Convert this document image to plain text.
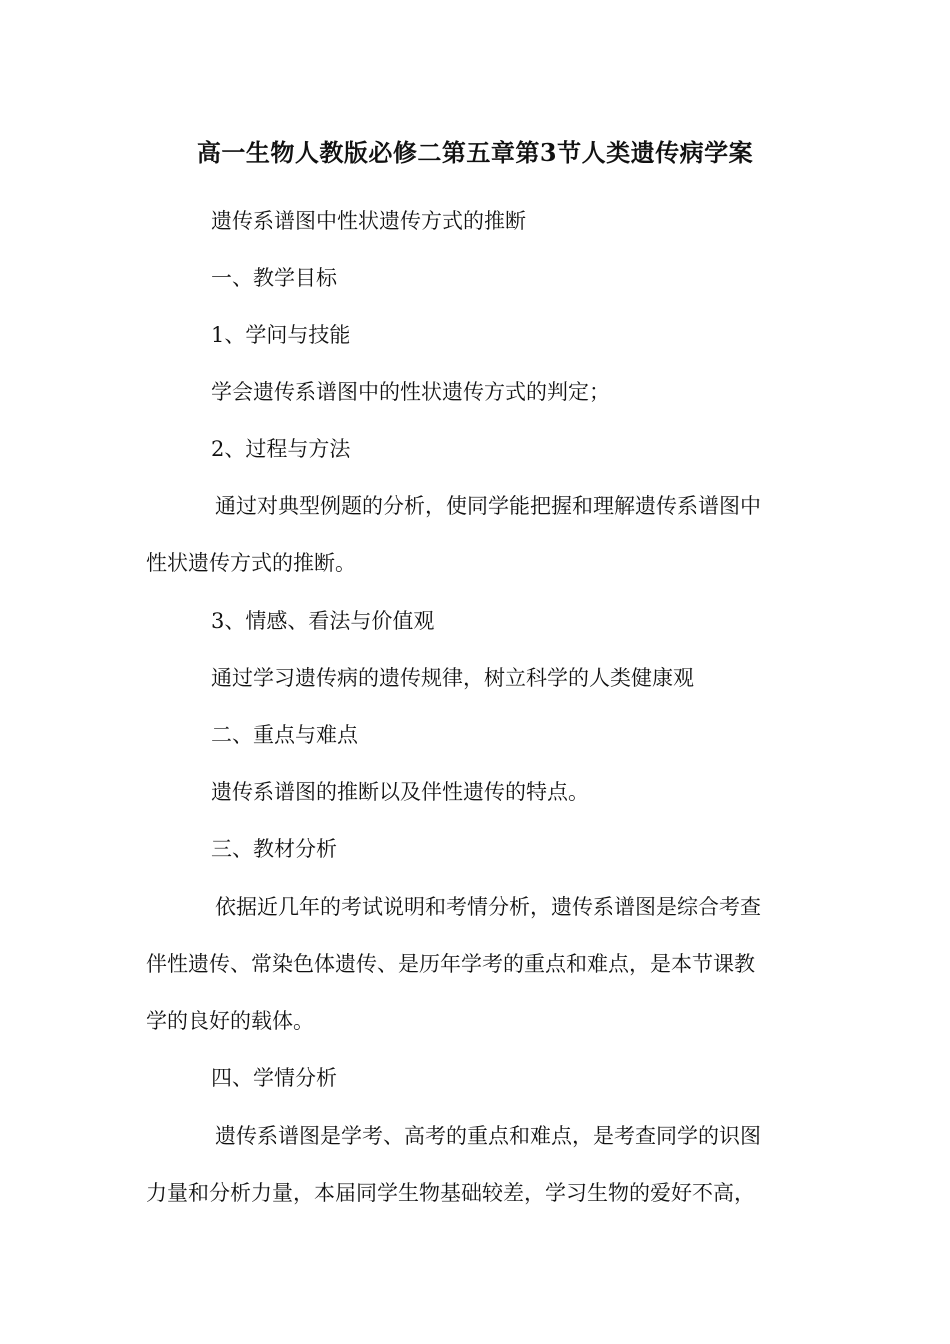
高一生物人教版必修二第五章第3节人类遗传病学案
遗传系谱图中性状遗传方式的推断
一、教学目标
1、学问与技能
学会遗传系谱图中的性状遗传方式的判定；
2、过程与方法
通过对典型例题的分析，使同学能把握和理解遗传系谱图中
性状遗传方式的推断。
3、情感、看法与价值观
通过学习遗传病的遗传规律，树立科学的人类健康观
二、重点与难点
遗传系谱图的推断以及伴性遗传的特点。
三、教材分析
依据近几年的考试说明和考情分析，遗传系谱图是综合考查
伴性遗传、常染色体遗传、是历年学考的重点和难点，是本节课教
学的良好的载体。
四、学情分析
遗传系谱图是学考、高考的重点和难点，是考查同学的识图
力量和分析力量，本届同学生物基础较差，学习生物的爱好不高，
